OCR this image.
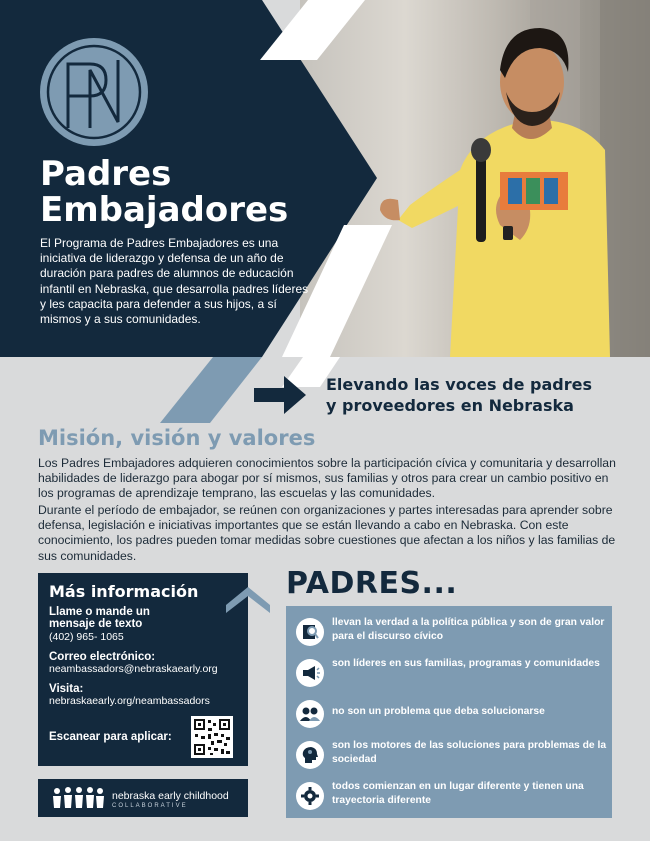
Padres
Embajadores
El Programa de Padres Embajadores es una iniciativa de liderazgo y defensa de un año de duración para padres de alumnos de educación infantil en Nebraska, que desarrolla padres líderes y les capacita para defender a sus hijos, a sí mismos y a sus comunidades.
Elevando las voces de padres
y proveedores en Nebraska
Misión, visión y valores
Los Padres Embajadores adquieren conocimientos sobre la participación cívica y comunitaria y desarrollan habilidades de liderazgo para abogar por sí mismos, sus familias y otros para crear un cambio positivo en los programas de aprendizaje temprano, las escuelas y las comunidades.
Durante el período de embajador, se reúnen con organizaciones y partes interesadas para aprender sobre defensa, legislación e iniciativas importantes que se están llevando a cabo en Nebraska. Con este conocimiento, los padres pueden tomar medidas sobre cuestiones que afectan a los niños y las familias de sus comunidades.
Más información
Llame o mande un mensaje de texto
(402) 965- 1065
Correo electrónico:
neambassadors@nebraskaearly.org
Visita:
nebraskaearly.org/neambassadors
Escanear para aplicar:
nebraska early childhood
COLLABORATIVE
PADRES...
llevan la verdad a la política pública y son de gran valor para el discurso cívico
son líderes en sus familias, programas y comunidades
no son un problema que deba solucionarse
son los motores de las soluciones para problemas de la sociedad
todos comienzan en un lugar diferente y tienen una trayectoria diferente
